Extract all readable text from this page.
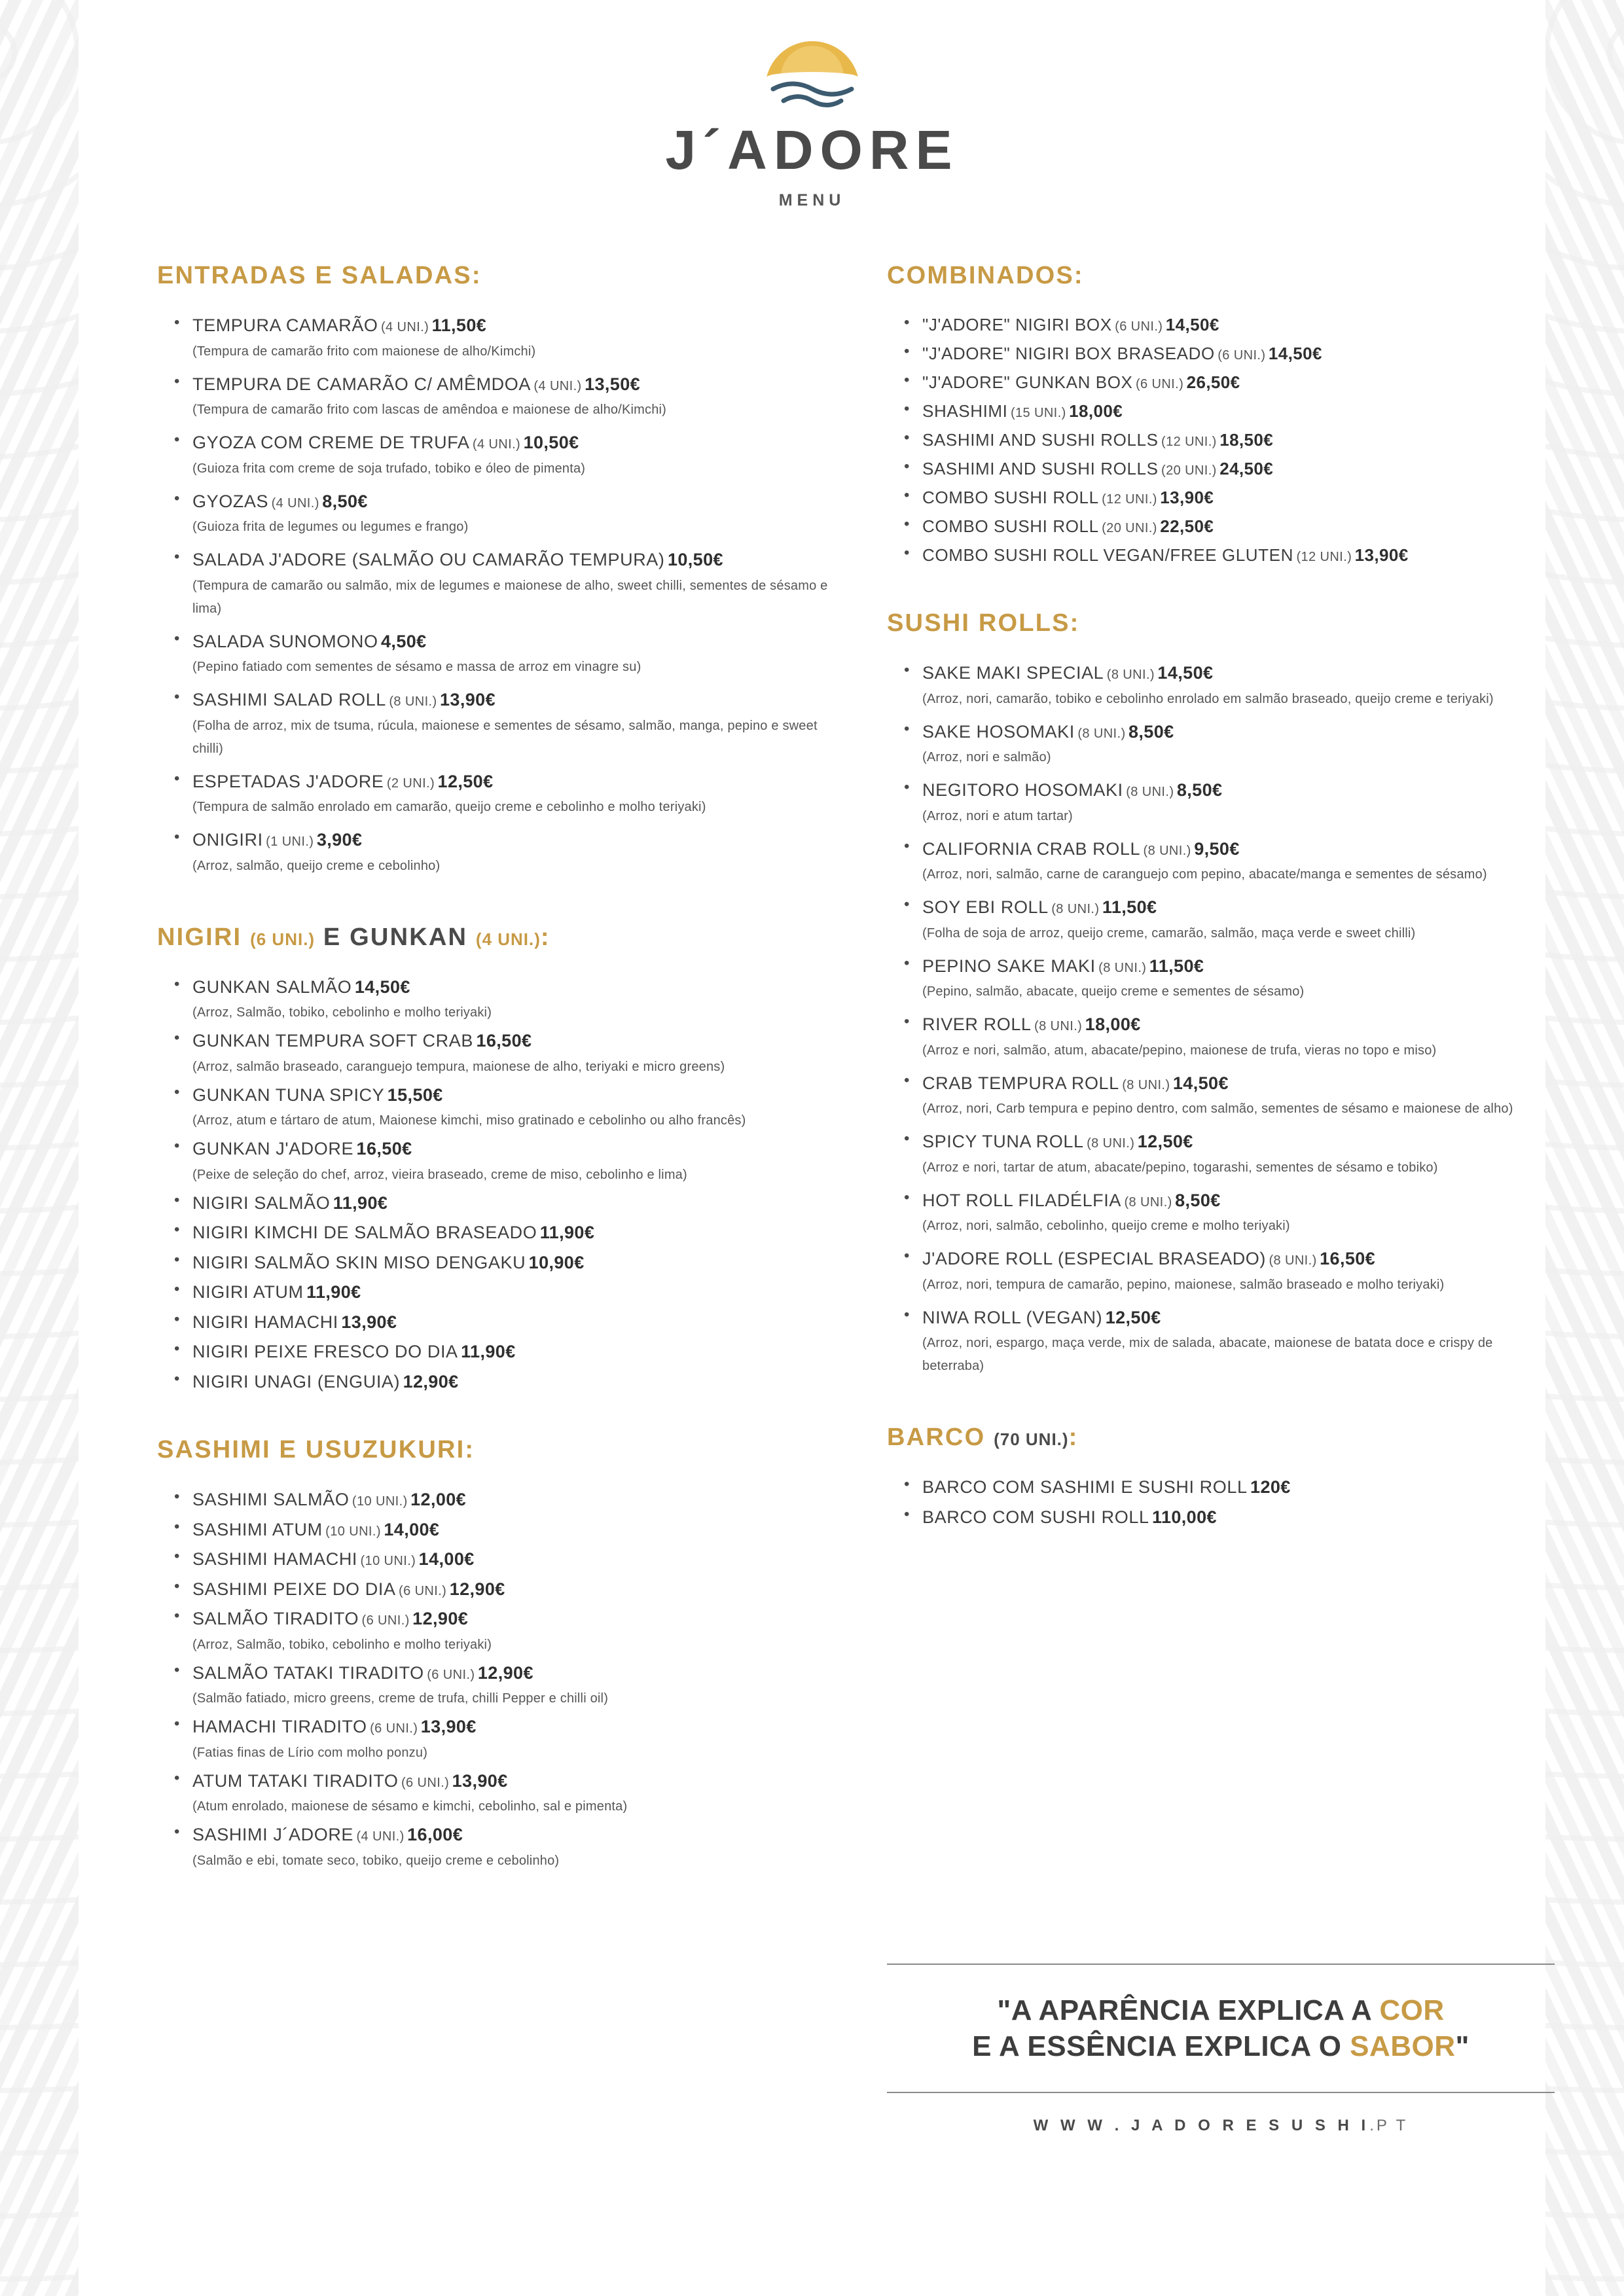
J´ADORE
MENU
ENTRADAS E SALADAS:
• TEMPURA CAMARÃO (4 UNI.) 11,50€
(Tempura de camarão frito com maionese de alho/Kimchi)
• TEMPURA DE CAMARÃO C/ AMÊMDOA (4 UNI.) 13,50€
(Tempura de camarão frito com lascas de amêndoa e maionese de alho/Kimchi)
• GYOZA COM CREME DE TRUFA (4 UNI.) 10,50€
(Guioza frita com creme de soja trufado, tobiko e óleo de pimenta)
• GYOZAS (4 UNI.) 8,50€
(Guioza frita de legumes ou legumes e frango)
• SALADA J'ADORE (SALMÃO OU CAMARÃO TEMPURA) 10,50€
(Tempura de camarão ou salmão, mix de legumes e maionese de alho, sweet chilli, sementes de sésamo e lima)
• SALADA SUNOMONO 4,50€
(Pepino fatiado com sementes de sésamo e massa de arroz em vinagre su)
• SASHIMI SALAD ROLL (8 UNI.) 13,90€
(Folha de arroz, mix de tsuma, rúcula, maionese e sementes de sésamo, salmão, manga, pepino e sweet chilli)
• ESPETADAS J'ADORE (2 UNI.) 12,50€
(Tempura de salmão enrolado em camarão, queijo creme e cebolinho e molho teriyaki)
• ONIGIRI (1 UNI.) 3,90€
(Arroz, salmão, queijo creme e cebolinho)
NIGIRI (6 UNI.) E GUNKAN (4 UNI.):
• GUNKAN SALMÃO 14,50€
(Arroz, Salmão, tobiko, cebolinho e molho teriyaki)
• GUNKAN TEMPURA SOFT CRAB 16,50€
(Arroz, salmão braseado, caranguejo tempura, maionese de alho, teriyaki e micro greens)
• GUNKAN TUNA SPICY 15,50€
(Arroz, atum e tártaro de atum, Maionese kimchi, miso gratinado e cebolinho ou alho francês)
• GUNKAN J'ADORE 16,50€
(Peixe de seleção do chef, arroz, vieira braseado, creme de miso, cebolinho e lima)
• NIGIRI SALMÃO 11,90€
• NIGIRI KIMCHI DE SALMÃO BRASEADO 11,90€
• NIGIRI SALMÃO SKIN MISO DENGAKU 10,90€
• NIGIRI ATUM 11,90€
• NIGIRI HAMACHI 13,90€
• NIGIRI PEIXE FRESCO DO DIA 11,90€
• NIGIRI UNAGI (ENGUIA) 12,90€
SASHIMI E USUZUKURI:
• SASHIMI SALMÃO (10 UNI.) 12,00€
• SASHIMI ATUM (10 UNI.) 14,00€
• SASHIMI HAMACHI (10 UNI.) 14,00€
• SASHIMI PEIXE DO DIA (6 UNI.) 12,90€
• SALMÃO TIRADITO (6 UNI.) 12,90€
(Arroz, Salmão, tobiko, cebolinho e molho teriyaki)
• SALMÃO TATAKI TIRADITO (6 UNI.) 12,90€
(Salmão fatiado, micro greens, creme de trufa, chilli Pepper e chilli oil)
• HAMACHI TIRADITO (6 UNI.) 13,90€
(Fatias finas de Lírio com molho ponzu)
• ATUM TATAKI TIRADITO (6 UNI.) 13,90€
(Atum enrolado, maionese de sésamo e kimchi, cebolinho, sal e pimenta)
• SASHIMI J´ADORE (4 UNI.) 16,00€
(Salmão e ebi, tomate seco, tobiko, queijo creme e cebolinho)
COMBINADOS:
• "J'ADORE" NIGIRI BOX (6 UNI.) 14,50€
• "J'ADORE" NIGIRI BOX BRASEADO (6 UNI.) 14,50€
• "J'ADORE" GUNKAN BOX (6 UNI.) 26,50€
• SHASHIMI (15 UNI.) 18,00€
• SASHIMI AND SUSHI ROLLS (12 UNI.) 18,50€
• SASHIMI AND SUSHI ROLLS (20 UNI.) 24,50€
• COMBO SUSHI ROLL (12 UNI.) 13,90€
• COMBO SUSHI ROLL (20 UNI.) 22,50€
• COMBO SUSHI ROLL VEGAN/FREE GLUTEN (12 UNI.) 13,90€
SUSHI ROLLS:
• SAKE MAKI SPECIAL (8 UNI.) 14,50€
(Arroz, nori, camarão, tobiko e cebolinho enrolado em salmão braseado, queijo creme e teriyaki)
• SAKE HOSOMAKI (8 UNI.) 8,50€
(Arroz, nori e salmão)
• NEGITORO HOSOMAKI (8 UNI.) 8,50€
(Arroz, nori e atum tartar)
• CALIFORNIA CRAB ROLL (8 UNI.) 9,50€
(Arroz, nori, salmão, carne de caranguejo com pepino, abacate/manga e sementes de sésamo)
• SOY EBI ROLL (8 UNI.) 11,50€
(Folha de soja de arroz, queijo creme, camarão, salmão, maça verde e sweet chilli)
• PEPINO SAKE MAKI (8 UNI.) 11,50€
(Pepino, salmão, abacate, queijo creme e sementes de sésamo)
• RIVER ROLL (8 UNI.) 18,00€
(Arroz e nori, salmão, atum, abacate/pepino, maionese de trufa, vieras no topo e miso)
• CRAB TEMPURA ROLL (8 UNI.) 14,50€
(Arroz, nori, Carb tempura e pepino dentro, com salmão, sementes de sésamo e maionese de alho)
• SPICY TUNA ROLL (8 UNI.) 12,50€
(Arroz e nori, tartar de atum, abacate/pepino, togarashi, sementes de sésamo e tobiko)
• HOT ROLL FILADÉLFIA (8 UNI.) 8,50€
(Arroz, nori, salmão, cebolinho, queijo creme e molho teriyaki)
• J'ADORE ROLL (ESPECIAL BRASEADO) (8 UNI.) 16,50€
(Arroz, nori, tempura de camarão, pepino, maionese, salmão braseado e molho teriyaki)
• NIWA ROLL (VEGAN) 12,50€
(Arroz, nori, espargo, maça verde, mix de salada, abacate, maionese de batata doce e crispy de beterraba)
BARCO (70 UNI.):
• BARCO COM SASHIMI E SUSHI ROLL 120€
• BARCO COM SUSHI ROLL 110,00€
"A APARÊNCIA EXPLICA A COR
E A ESSÊNCIA EXPLICA O SABOR"
W W W . J A D O R E S U S H I.P T
